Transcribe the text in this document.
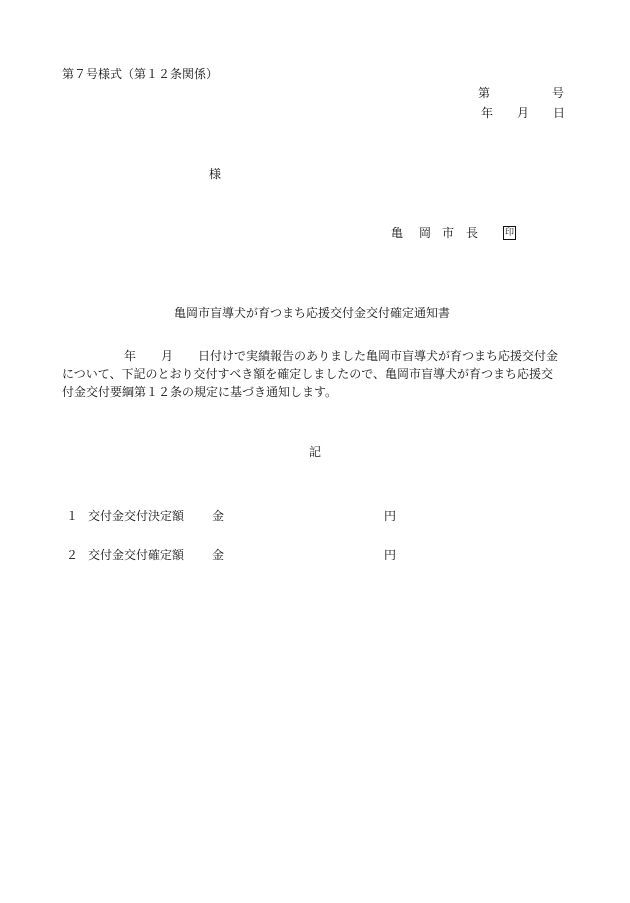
第７号様式（第１２条関係）
第	号
年 月 日
様
亀 岡 市 長	印
亀岡市盲導犬が育つまち応援交付金交付確定通知書
年 月 日付けで実績報告のありました亀岡市盲導犬が育つまち応援交付金
について、下記のとおり交付すべき額を確定しましたので、亀岡市盲導犬が育つまち応援交
付金交付要綱第１２条の規定に基づき通知します。
記
１ 交付金交付決定額 金	円
２ 交付金交付確定額 金	円
